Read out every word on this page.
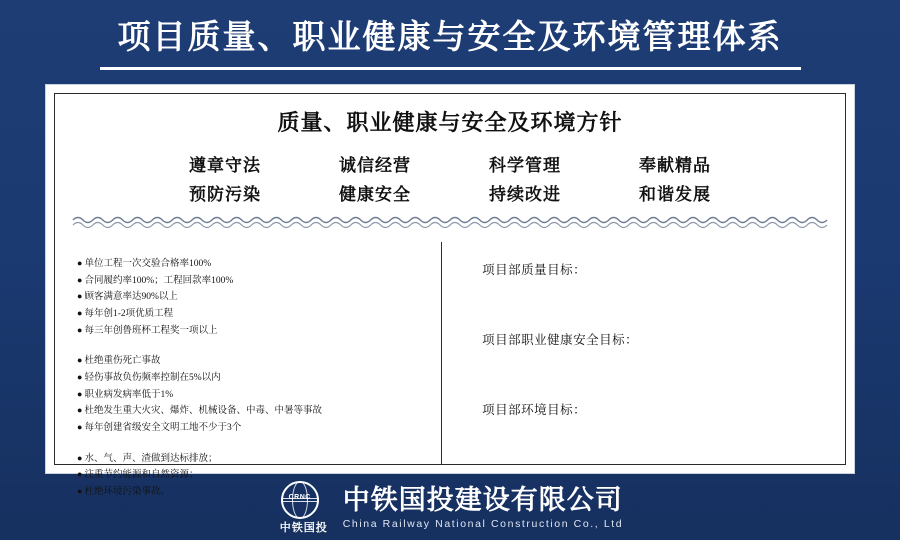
项目质量、职业健康与安全及环境管理体系
质量、职业健康与安全及环境方针
遵章守法	诚信经营	科学管理	奉献精品
预防污染	健康安全	持续改进	和谐发展
● 单位工程一次交验合格率100%
● 合同履约率100%；工程回款率100%
● 顾客满意率达90%以上
● 每年创1-2项优质工程
● 每三年创鲁班杯工程奖一项以上
● 杜绝重伤死亡事故
● 轻伤事故负伤频率控制在5%以内
● 职业病发病率低于1%
● 杜绝发生重大火灾、爆炸、机械设备、中毒、中暑等事故
● 每年创建省级安全文明工地不少于3个
● 水、气、声、渣做到达标排放；
● 注重节约能源和自然资源；
● 杜绝环境污染事故。
项目部质量目标：
项目部职业健康安全目标：
项目部环境目标：
CRNC
中铁国投
中铁国投建设有限公司
China Railway National Construction Co., Ltd
